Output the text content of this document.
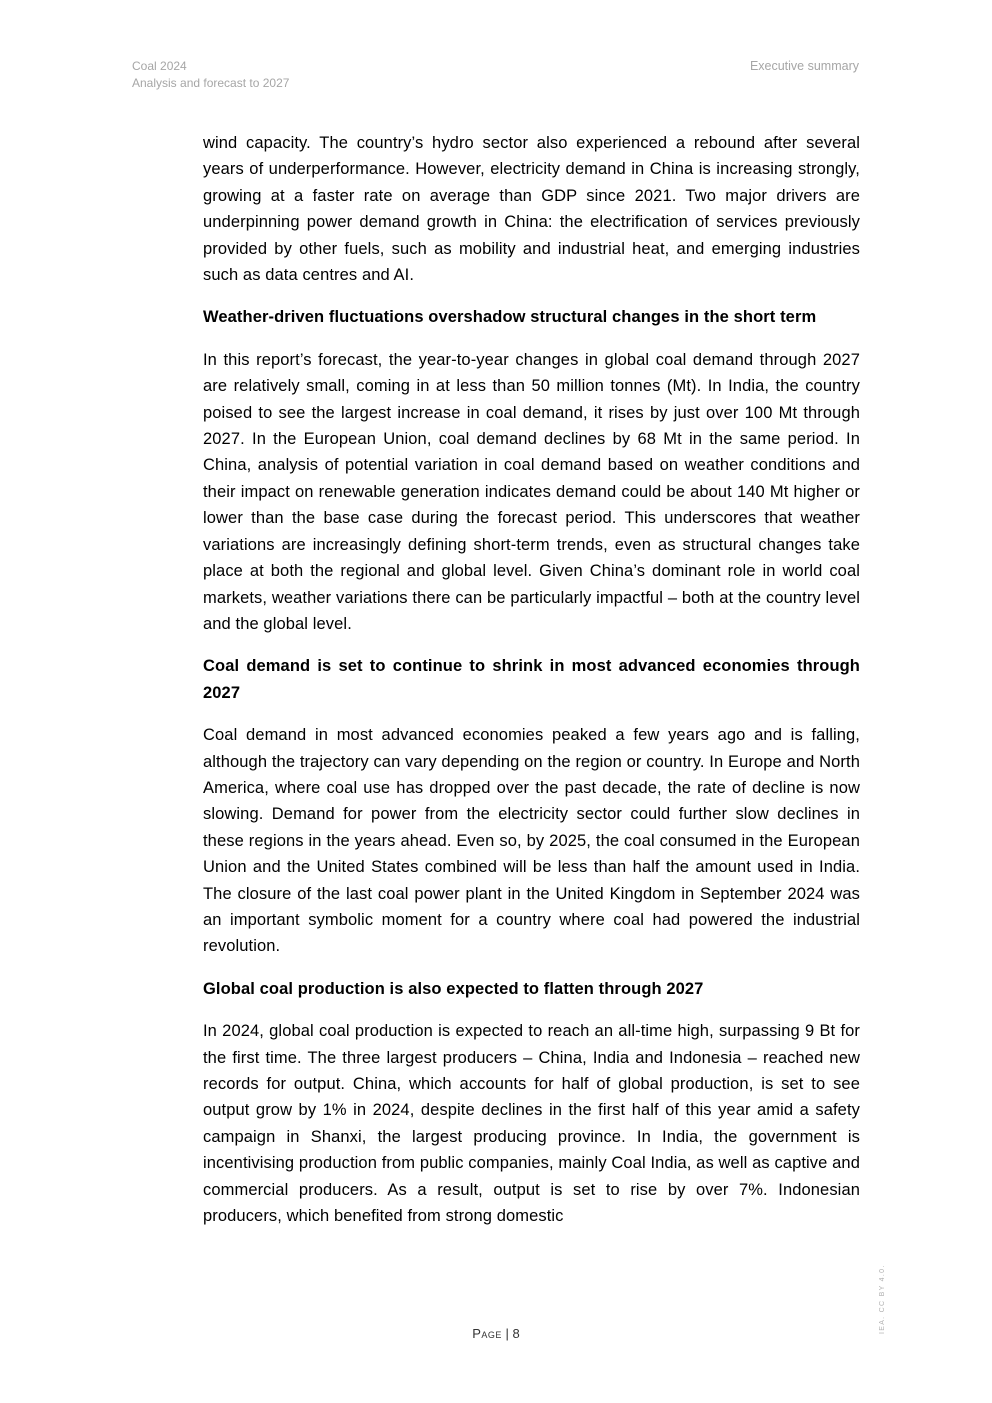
Coal 2024
Analysis and forecast to 2027
Executive summary

wind capacity. The country’s hydro sector also experienced a rebound after several years of underperformance. However, electricity demand in China is increasing strongly, growing at a faster rate on average than GDP since 2021. Two major drivers are underpinning power demand growth in China: the electrification of services previously provided by other fuels, such as mobility and industrial heat, and emerging industries such as data centres and AI.

Weather-driven fluctuations overshadow structural changes in the short term

In this report’s forecast, the year-to-year changes in global coal demand through 2027 are relatively small, coming in at less than 50 million tonnes (Mt). In India, the country poised to see the largest increase in coal demand, it rises by just over 100 Mt through 2027. In the European Union, coal demand declines by 68 Mt in the same period. In China, analysis of potential variation in coal demand based on weather conditions and their impact on renewable generation indicates demand could be about 140 Mt higher or lower than the base case during the forecast period. This underscores that weather variations are increasingly defining short-term trends, even as structural changes take place at both the regional and global level. Given China’s dominant role in world coal markets, weather variations there can be particularly impactful – both at the country level and the global level.

Coal demand is set to continue to shrink in most advanced economies through 2027

Coal demand in most advanced economies peaked a few years ago and is falling, although the trajectory can vary depending on the region or country. In Europe and North America, where coal use has dropped over the past decade, the rate of decline is now slowing. Demand for power from the electricity sector could further slow declines in these regions in the years ahead. Even so, by 2025, the coal consumed in the European Union and the United States combined will be less than half the amount used in India. The closure of the last coal power plant in the United Kingdom in September 2024 was an important symbolic moment for a country where coal had powered the industrial revolution.

Global coal production is also expected to flatten through 2027

In 2024, global coal production is expected to reach an all-time high, surpassing 9 Bt for the first time. The three largest producers – China, India and Indonesia – reached new records for output. China, which accounts for half of global production, is set to see output grow by 1% in 2024, despite declines in the first half of this year amid a safety campaign in Shanxi, the largest producing province. In India, the government is incentivising production from public companies, mainly Coal India, as well as captive and commercial producers. As a result, output is set to rise by over 7%. Indonesian producers, which benefited from strong domestic

Page | 8	IEA. CC BY 4.0.
